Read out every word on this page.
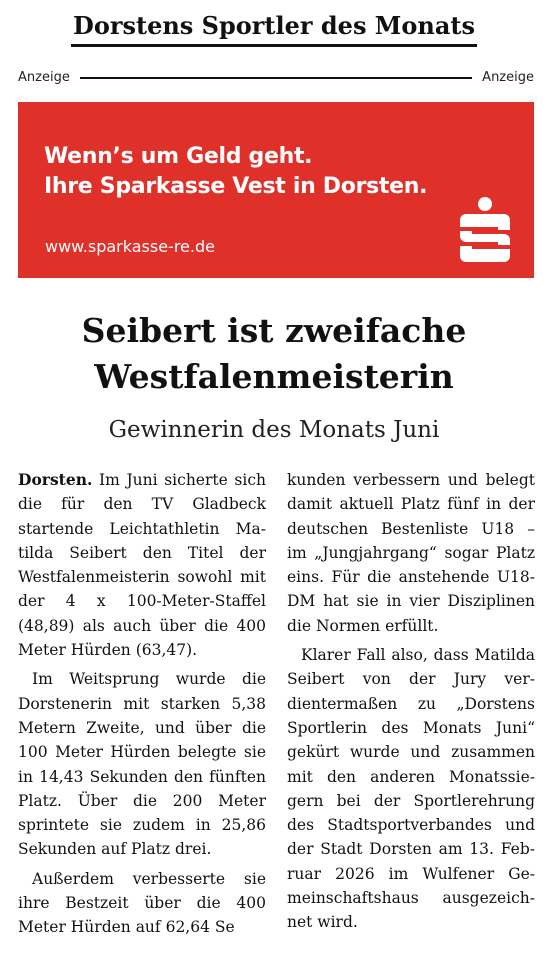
Dorstens Sportler des Monats
Anzeige	Anzeige
Wenn’s um Geld geht.
Ihre Sparkasse Vest in Dorsten.
www.sparkasse-re.de
Seibert ist zweifache
Westfalenmeisterin
Gewinnerin des Monats Juni

Dorsten. Im Juni sicherte sich die für den TV Gladbeck startende Leichtathletin Matilda Seibert den Titel der Westfalenmeisterin sowohl mit der 4 x 100-Meter-Staffel (48,89) als auch über die 400 Meter Hürden (63,47).

Im Weitsprung wurde die Dorstenerin mit starken 5,38 Metern Zweite, und über die 100 Meter Hürden belegte sie in 14,43 Sekunden den fünften Platz. Über die 200 Meter sprintete sie zudem in 25,86 Sekunden auf Platz drei.

Außerdem verbesserte sie ihre Bestzeit über die 400 Meter Hürden auf 62,64 Se

kunden verbessern und belegt damit aktuell Platz fünf in der deutschen Bestenliste U18 – im „Jungjahrgang“ sogar Platz eins. Für die anstehende U18-DM hat sie in vier Disziplinen die Normen erfüllt.

Klarer Fall also, dass Matilda Seibert von der Jury verdientermaßen zu „Dorstens Sportlerin des Monats Juni“ gekürt wurde und zusammen mit den anderen Monatssiegern bei der Sportlerehrung des Stadtsportverbandes und der Stadt Dorsten am 13. Februar 2026 im Wulfener Gemeinschaftshaus ausgezeichnet wird.
